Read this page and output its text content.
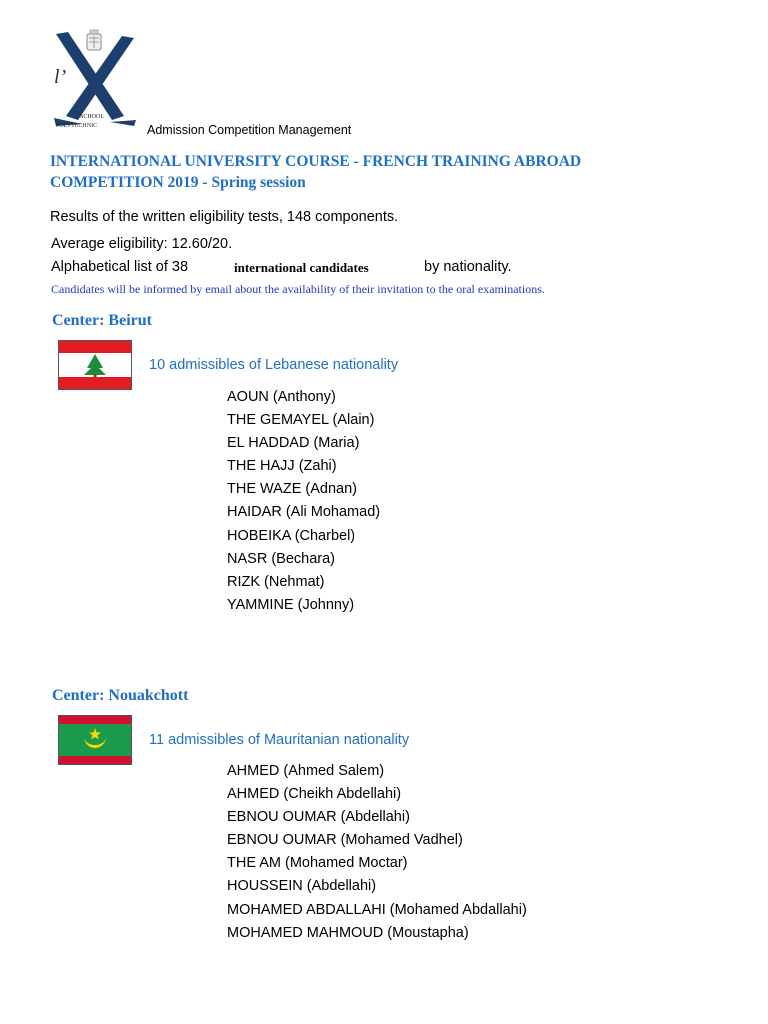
l’
SCHOOL
POLYTECHNIC	Admission Competition Management
INTERNATIONAL UNIVERSITY COURSE - FRENCH TRAINING ABROAD
COMPETITION 2019 - Spring session
Results of the written eligibility tests, 148 components.
Average eligibility: 12.60/20.
Alphabetical list of 38	international candidates	by nationality.
Candidates will be informed by email about the availability of their invitation to the oral examinations.
Center: Beirut
10 admissibles of Lebanese nationality
AOUN (Anthony)
THE GEMAYEL (Alain)
EL HADDAD (Maria)
THE HAJJ (Zahi)
THE WAZE (Adnan)
HAIDAR (Ali Mohamad)
HOBEIKA (Charbel)
NASR (Bechara)
RIZK (Nehmat)
YAMMINE (Johnny)
Center: Nouakchott
11 admissibles of Mauritanian nationality
AHMED (Ahmed Salem)
AHMED (Cheikh Abdellahi)
EBNOU OUMAR (Abdellahi)
EBNOU OUMAR (Mohamed Vadhel)
THE AM (Mohamed Moctar)
HOUSSEIN (Abdellahi)
MOHAMED ABDALLAHI (Mohamed Abdallahi)
MOHAMED MAHMOUD (Moustapha)
